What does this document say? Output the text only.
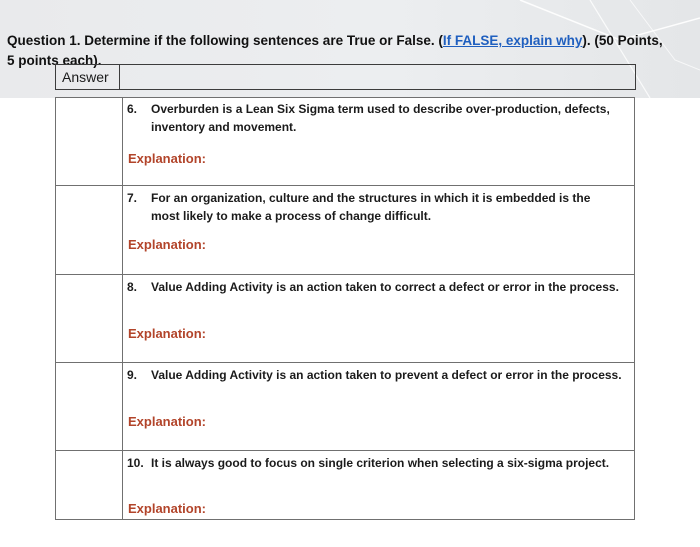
Question 1. Determine if the following sentences are True or False. (If FALSE, explain why). (50 Points, 5 points each).
Answer
6. Overburden is a Lean Six Sigma term used to describe over-production, defects, inventory and movement.
Explanation:
7. For an organization, culture and the structures in which it is embedded is the most likely to make a process of change difficult.
Explanation:
8. Value Adding Activity is an action taken to correct a defect or error in the process.
Explanation:
9. Value Adding Activity is an action taken to prevent a defect or error in the process.
Explanation:
10. It is always good to focus on single criterion when selecting a six-sigma project.
Explanation:
